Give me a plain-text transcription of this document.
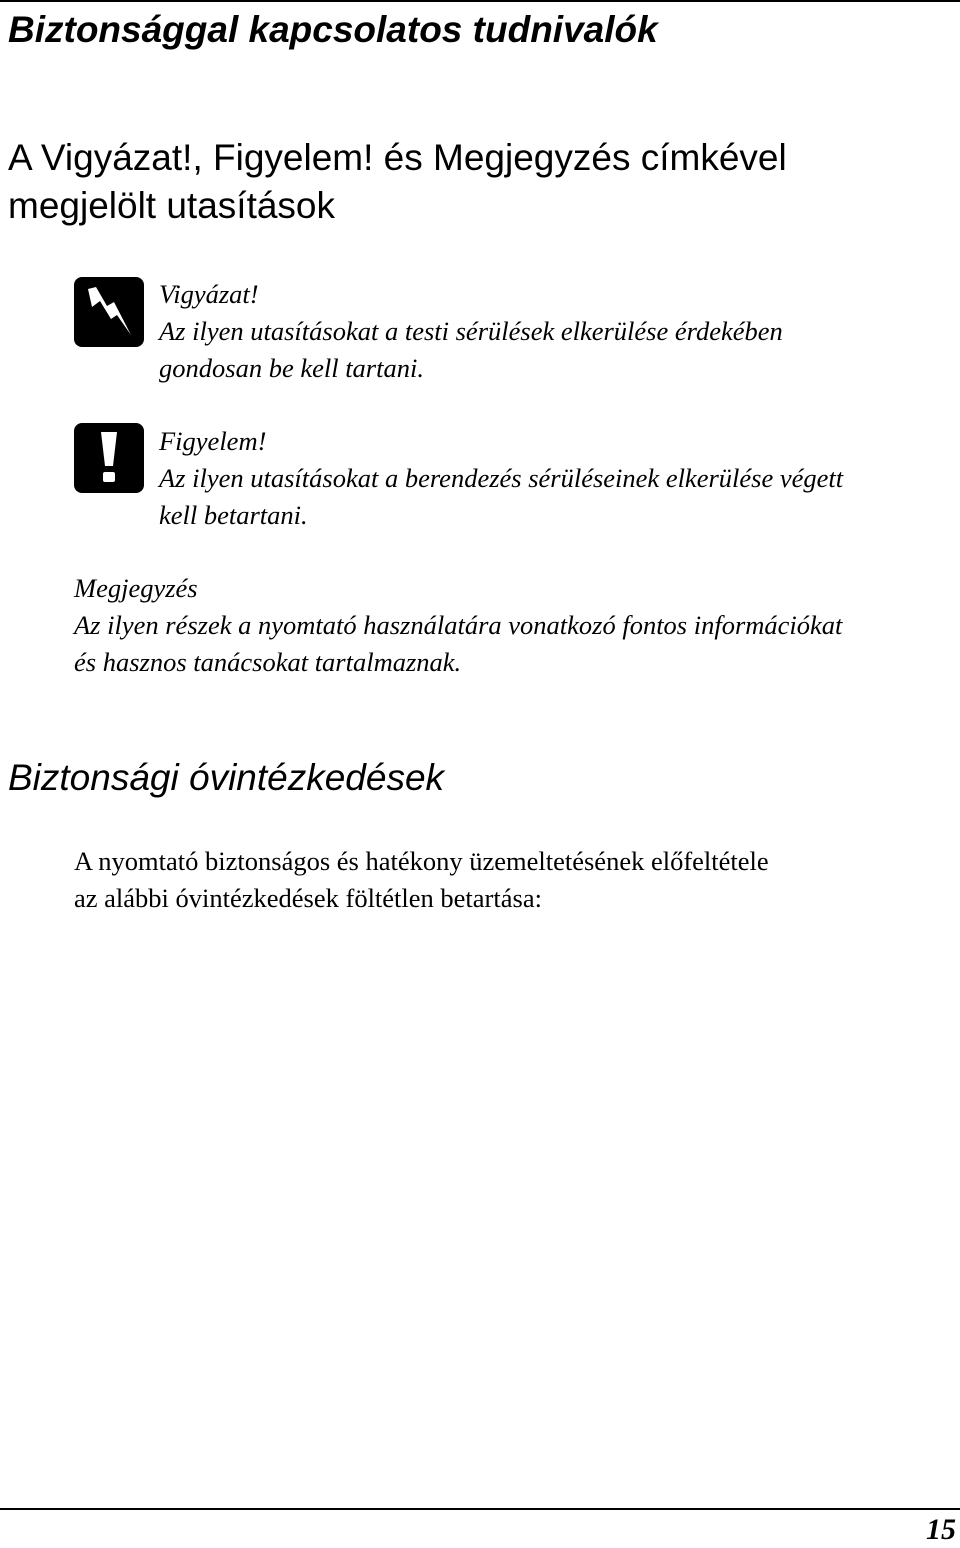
Biztonsággal kapcsolatos tudnivalók
A Vigyázat!, Figyelem! és Megjegyzés címkével
megjelölt utasítások
Vigyázat!
Az ilyen utasításokat a testi sérülések elkerülése érdekében
gondosan be kell tartani.
Figyelem!
Az ilyen utasításokat a berendezés sérüléseinek elkerülése végett
kell betartani.
Megjegyzés
Az ilyen részek a nyomtató használatára vonatkozó fontos információkat
és hasznos tanácsokat tartalmaznak.
Biztonsági óvintézkedések
A nyomtató biztonságos és hatékony üzemeltetésének előfeltétele
az alábbi óvintézkedések föltétlen betartása:
15
